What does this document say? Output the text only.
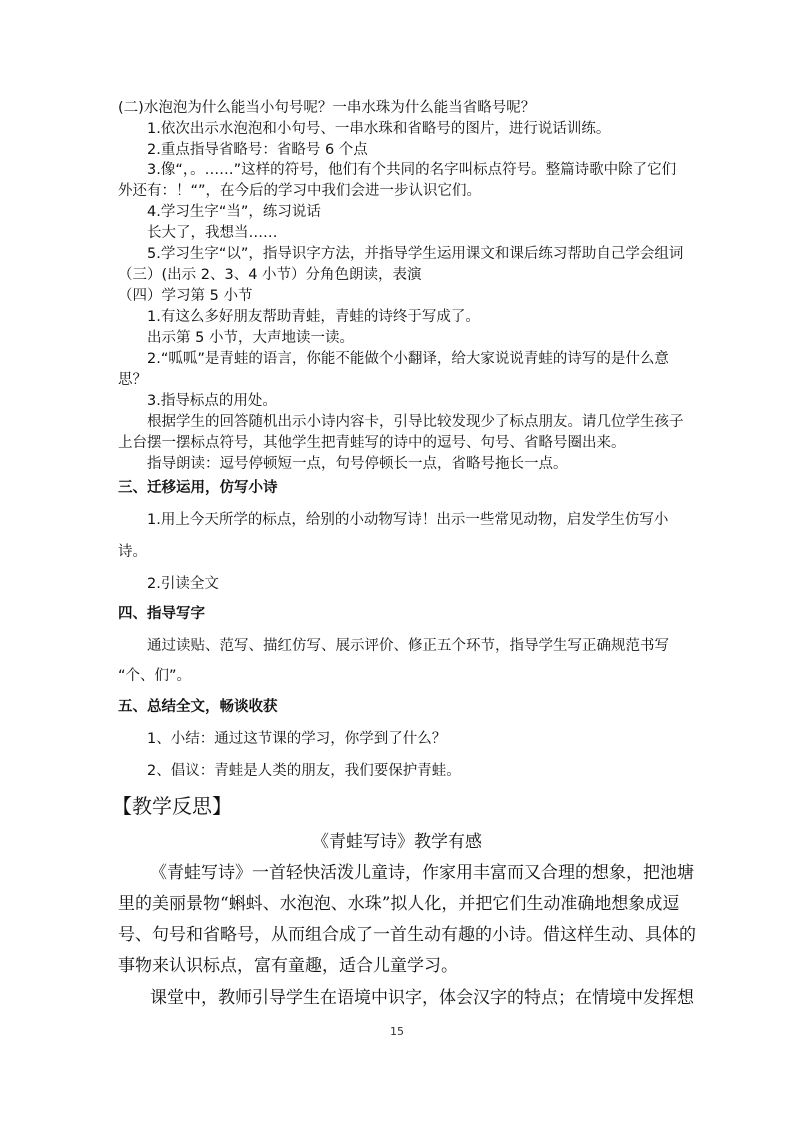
(二)水泡泡为什么能当小句号呢？一串水珠为什么能当省略号呢？
1.依次出示水泡泡和小句号、一串水珠和省略号的图片，进行说话训练。
2.重点指导省略号：省略号 6 个点
3.像“，。……”这样的符号，他们有个共同的名字叫标点符号。整篇诗歌中除了它们
外还有：！“”，在今后的学习中我们会进一步认识它们。
4.学习生字“当”，练习说话
长大了，我想当……
5.学习生字“以”，指导识字方法，并指导学生运用课文和课后练习帮助自己学会组词
（三）(出示 2、3、4 小节）分角色朗读，表演
（四）学习第 5 小节
1.有这么多好朋友帮助青蛙，青蛙的诗终于写成了。
出示第 5 小节，大声地读一读。
2.“呱呱”是青蛙的语言，你能不能做个小翻译，给大家说说青蛙的诗写的是什么意
思？
3.指导标点的用处。
根据学生的回答随机出示小诗内容卡，引导比较发现少了标点朋友。请几位学生孩子
上台摆一摆标点符号，其他学生把青蛙写的诗中的逗号、句号、省略号圈出来。
指导朗读：逗号停顿短一点，句号停顿长一点，省略号拖长一点。
三、迁移运用，仿写小诗
1.用上今天所学的标点，给别的小动物写诗！出示一些常见动物，启发学生仿写小
诗。
2.引读全文
四、指导写字
通过读贴、范写、描红仿写、展示评价、修正五个环节，指导学生写正确规范书写
“个、们”。
五、总结全文，畅谈收获
1、小结：通过这节课的学习，你学到了什么？
2、倡议：青蛙是人类的朋友，我们要保护青蛙。
【教学反思】
《青蛙写诗》教学有感
《青蛙写诗》一首轻快活泼儿童诗，作家用丰富而又合理的想象，把池塘
里的美丽景物“蝌蚪、水泡泡、水珠”拟人化，并把它们生动准确地想象成逗
号、句号和省略号，从而组合成了一首生动有趣的小诗。借这样生动、具体的
事物来认识标点，富有童趣，适合儿童学习。
课堂中，教师引导学生在语境中识字，体会汉字的特点；在情境中发挥想
15
